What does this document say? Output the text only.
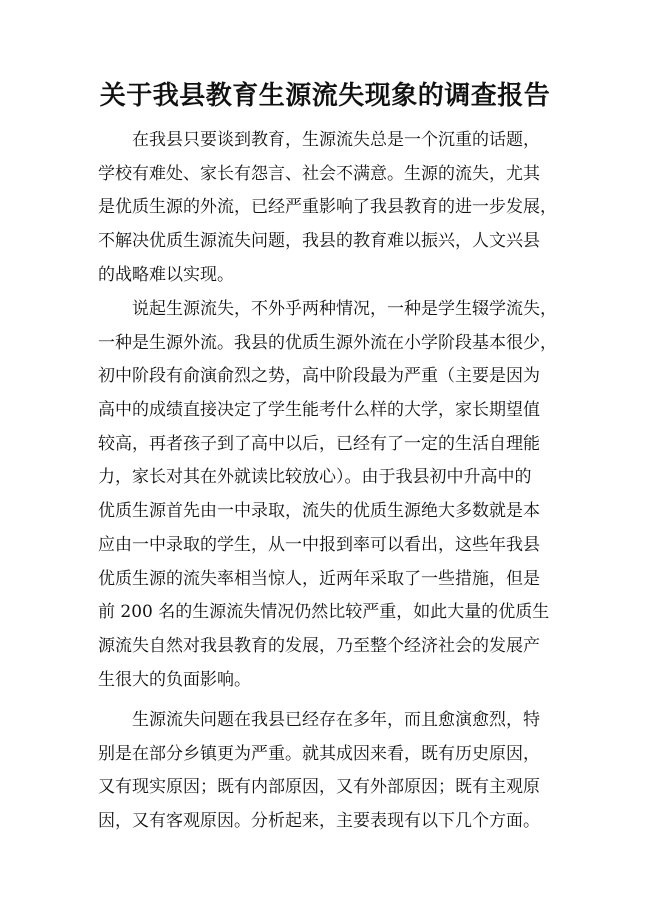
关于我县教育生源流失现象的调查报告
在我县只要谈到教育，生源流失总是一个沉重的话题，
学校有难处、家长有怨言、社会不满意。生源的流失，尤其
是优质生源的外流，已经严重影响了我县教育的进一步发展，
不解决优质生源流失问题，我县的教育难以振兴，人文兴县
的战略难以实现。
说起生源流失，不外乎两种情况，一种是学生辍学流失，
一种是生源外流。我县的优质生源外流在小学阶段基本很少，
初中阶段有俞演俞烈之势，高中阶段最为严重（主要是因为
高中的成绩直接决定了学生能考什么样的大学，家长期望值
较高，再者孩子到了高中以后，已经有了一定的生活自理能
力，家长对其在外就读比较放心）。由于我县初中升高中的
优质生源首先由一中录取，流失的优质生源绝大多数就是本
应由一中录取的学生，从一中报到率可以看出，这些年我县
优质生源的流失率相当惊人，近两年采取了一些措施，但是
前 200 名的生源流失情况仍然比较严重，如此大量的优质生
源流失自然对我县教育的发展，乃至整个经济社会的发展产
生很大的负面影响。
生源流失问题在我县已经存在多年，而且愈演愈烈，特
别是在部分乡镇更为严重。就其成因来看，既有历史原因，
又有现实原因；既有内部原因，又有外部原因；既有主观原
因，又有客观原因。分析起来，主要表现有以下几个方面。
